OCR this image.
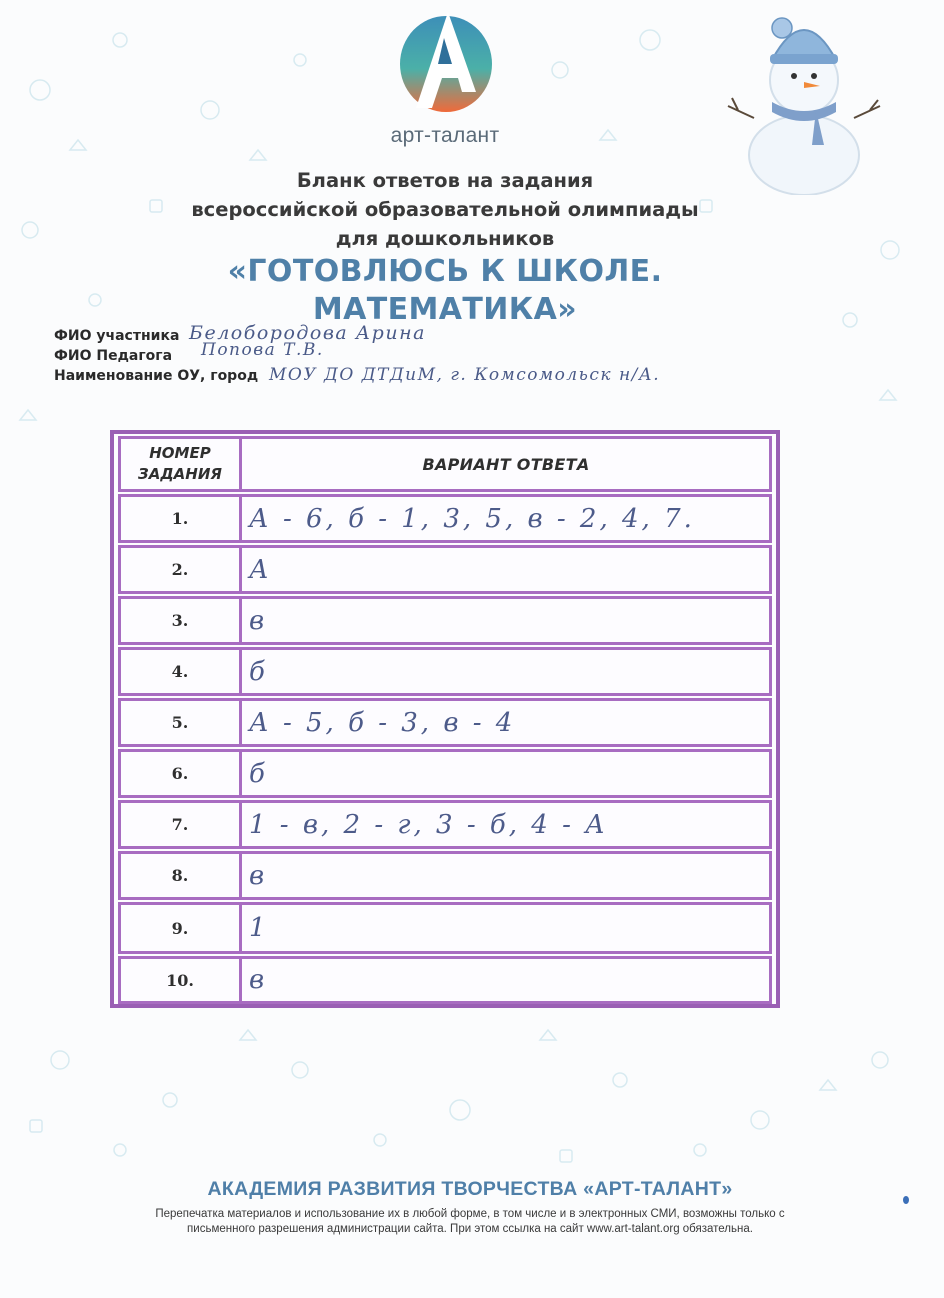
арт-талант
Бланк ответов на задания
всероссийской образовательной олимпиады
для дошкольников
«ГОТОВЛЮСЬ К ШКОЛЕ.
МАТЕМАТИКА»
ФИО участника Белобородова Арина
ФИО Педагога Попова Т.В.
Наименование ОУ, город МОУ ДО ДТДиМ, г. Комсомольск н/А.
НОМЕР
ЗАДАНИЯ
ВАРИАНТ ОТВЕТА
1.	А - 6, б - 1, 3, 5, в - 2, 4, 7.
2.	А
3.	в
4.	б
5.	А - 5, б - 3, в - 4
6.	б
7.	1 - в, 2 - г, 3 - б, 4 - А
8.	в
9.	1
10.	в
АКАДЕМИЯ РАЗВИТИЯ ТВОРЧЕСТВА «АРТ-ТАЛАНТ»
Перепечатка материалов и использование их в любой форме, в том числе и в электронных СМИ, возможны только с
письменного разрешения администрации сайта. При этом ссылка на сайт www.art-talant.org обязательна.
